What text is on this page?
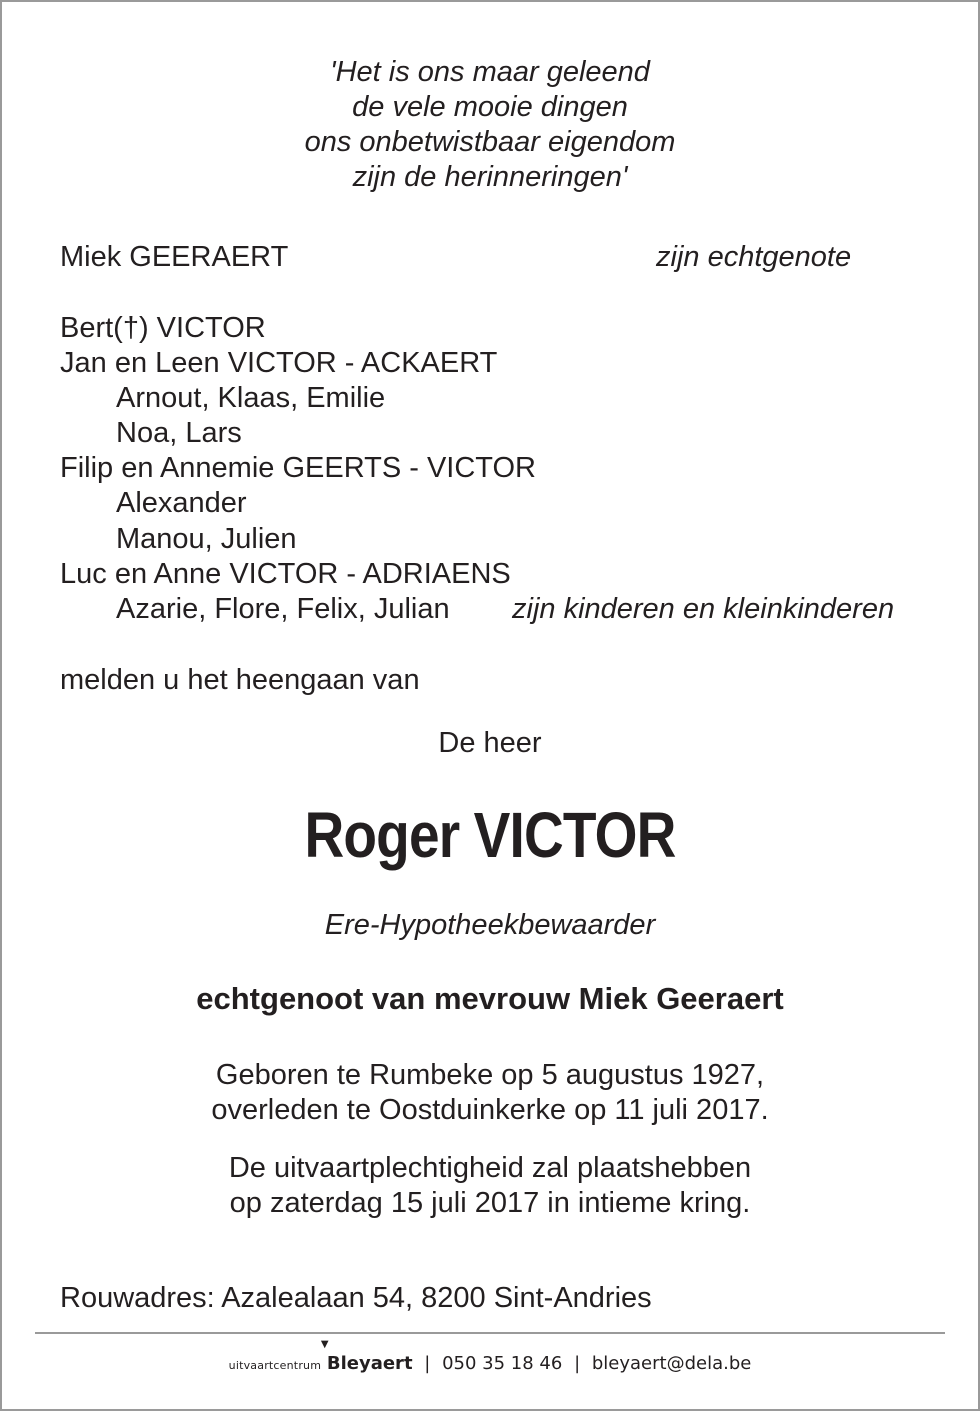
'Het is ons maar geleend
de vele mooie dingen
ons onbetwistbaar eigendom
zijn de herinneringen'
Miek GEERAERT	zijn echtgenote
Bert(†) VICTOR
Jan en Leen VICTOR - ACKAERT
Arnout, Klaas, Emilie
Noa, Lars
Filip en Annemie GEERTS - VICTOR
Alexander
Manou, Julien
Luc en Anne VICTOR - ADRIAENS
Azarie, Flore, Felix, Julian zijn kinderen en kleinkinderen
melden u het heengaan van
De heer
Roger VICTOR
Ere-Hypotheekbewaarder
echtgenoot van mevrouw Miek Geeraert
Geboren te Rumbeke op 5 augustus 1927,
overleden te Oostduinkerke op 11 juli 2017.
De uitvaartplechtigheid zal plaatshebben
op zaterdag 15 juli 2017 in intieme kring.
Rouwadres: Azalealaan 54, 8200 Sint-Andries
uitvaartcentrum
▼
Bleyaert | 050 35 18 46 | bleyaert@dela.be
